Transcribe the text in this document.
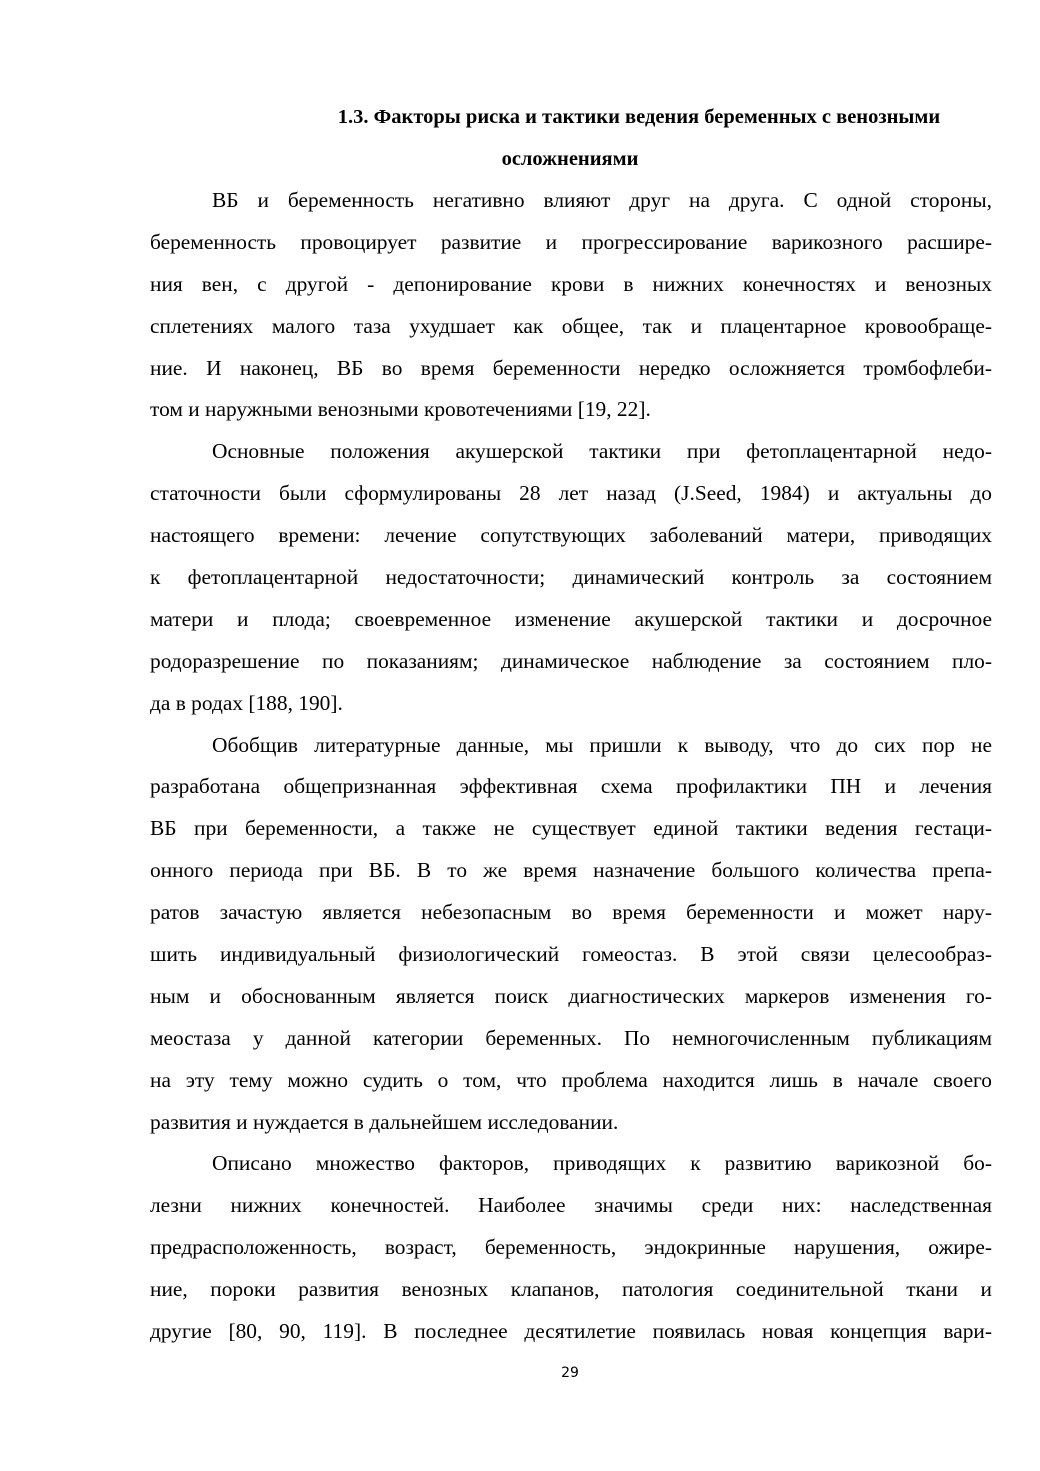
1.3. Факторы риска и тактики ведения беременных с венозными
осложнениями

ВБ и беременность негативно влияют друг на друга. С одной стороны,
беременность провоцирует развитие и прогрессирование варикозного расшире-
ния вен, с другой - депонирование крови в нижних конечностях и венозных
сплетениях малого таза ухудшает как общее, так и плацентарное кровообраще-
ние. И наконец, ВБ во время беременности нередко осложняется тромбофлеби-
том и наружными венозными кровотечениями [19, 22].

Основные положения акушерской тактики при фетоплацентарной недо-
статочности были сформулированы 28 лет назад (J.Seed, 1984) и актуальны до
настоящего времени: лечение сопутствующих заболеваний матери, приводящих
к фетоплацентарной недостаточности; динамический контроль за состоянием
матери и плода; своевременное изменение акушерской тактики и досрочное
родоразрешение по показаниям; динамическое наблюдение за состоянием пло-
да в родах [188, 190].

Обобщив литературные данные, мы пришли к выводу, что до сих пор не
разработана общепризнанная эффективная схема профилактики ПН и лечения
ВБ при беременности, а также не существует единой тактики ведения гестаци-
онного периода при ВБ. В то же время назначение большого количества препа-
ратов зачастую является небезопасным во время беременности и может нару-
шить индивидуальный физиологический гомеостаз. В этой связи целесообраз-
ным и обоснованным является поиск диагностических маркеров изменения го-
меостаза у данной категории беременных. По немногочисленным публикациям
на эту тему можно судить о том, что проблема находится лишь в начале своего
развития и нуждается в дальнейшем исследовании.

Описано множество факторов, приводящих к развитию варикозной бо-
лезни нижних конечностей. Наиболее значимы среди них: наследственная
предрасположенность, возраст, беременность, эндокринные нарушения, ожире-
ние, пороки развития венозных клапанов, патология соединительной ткани и
другие [80, 90, 119]. В последнее десятилетие появилась новая концепция вари-

29
